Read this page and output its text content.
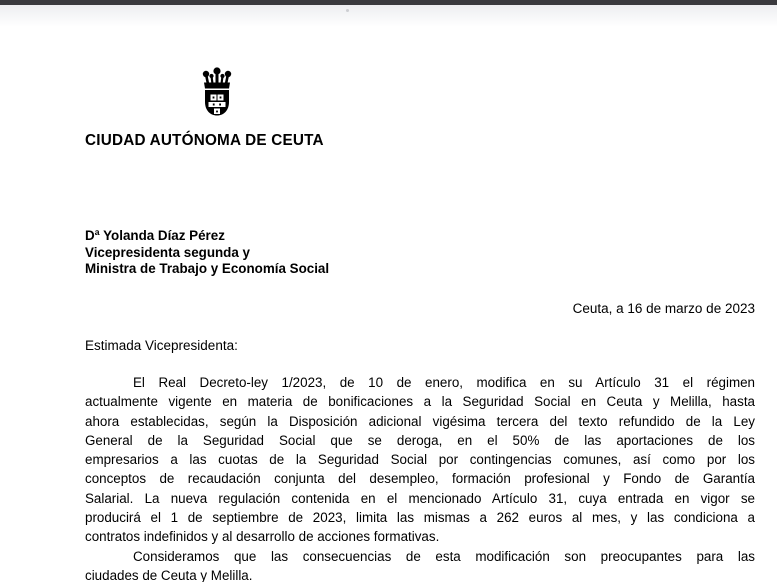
CIUDAD AUTÓNOMA DE CEUTA
Dª Yolanda Díaz Pérez
Vicepresidenta segunda y
Ministra de Trabajo y Economía Social
Ceuta, a 16 de marzo de 2023
Estimada Vicepresidenta:
El Real Decreto-ley 1/2023, de 10 de enero, modifica en su Artículo 31 el régimen
actualmente vigente en materia de bonificaciones a la Seguridad Social en Ceuta y Melilla, hasta
ahora establecidas, según la Disposición adicional vigésima tercera del texto refundido de la Ley
General de la Seguridad Social que se deroga, en el 50% de las aportaciones de los
empresarios a las cuotas de la Seguridad Social por contingencias comunes, así como por los
conceptos de recaudación conjunta del desempleo, formación profesional y Fondo de Garantía
Salarial. La nueva regulación contenida en el mencionado Artículo 31, cuya entrada en vigor se
producirá el 1 de septiembre de 2023, limita las mismas a 262 euros al mes, y las condiciona a
contratos indefinidos y al desarrollo de acciones formativas.
Consideramos que las consecuencias de esta modificación son preocupantes para las
ciudades de Ceuta y Melilla.
